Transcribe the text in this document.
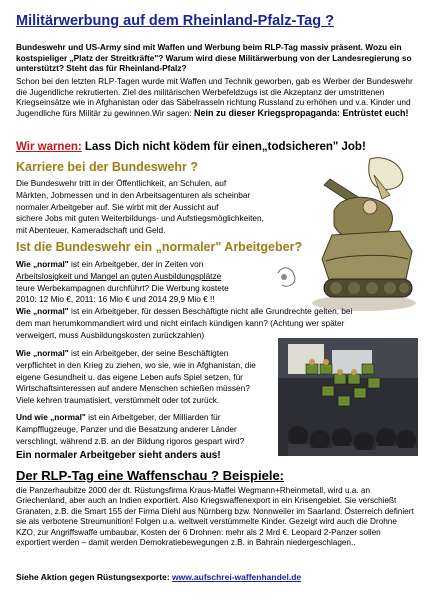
Militärwerbung auf dem Rheinland-Pfalz-Tag ?

Bundeswehr und US-Army sind mit Waffen und Werbung beim RLP-Tag massiv präsent. Wozu ein kostspieliger „Platz der Streitkräfte"? Warum wird diese Militärwerbung von der Landesregierung so unterstützt? Steht das für Rheinland-Pfalz?

Schon bei den letzten RLP-Tagen wurde mit Waffen und Technik geworben, gab es Werber der Bundeswehr die Jugendliche rekrutierten. Ziel des militärischen Werbefeldzugs ist die Akzeptanz der umstrittenen Kriegseinsätze wie in Afghanistan oder das Säbelrasseln richtung Russland zu erhöhen und v.a. Kinder und Jugendliche fürs Militär zu gewinnen.Wir sagen: Nein zu dieser Kriegspropaganda: Entrüstet euch!

Wir warnen: Lass Dich nicht ködem für einen„todsicheren" Job!
Karriere bei der Bundeswehr ?

Die Bundeswehr tritt in der Öffentlichkeit, an Schulen, auf

Märkten, Jobmessen und in den Arbeitsagenturen als scheinbar

normaler Arbeitgeber auf. Sie wirbt mit der Aussicht auf

sichere Jobs mit guten Weiterbildungs- und Aufstiegsmöglichkeiten,

mit Abenteuer, Kameradschaft und Geld.

Ist die Bundeswehr ein „normaler" Arbeitgeber?

Wie „normal" ist ein Arbeitgeber, der in Zeiten von

Arbeitslosigkeit und Mangel an guten Ausbildungsplätze

teure Werbekampagnen durchführt? Die Werbung kostete

2010: 12 Mio €, 2011: 16 Mio € und 2014 29,9 Mio € !!

Wie „normal" ist ein Arbeitgeber, für dessen Beschäftigte nicht alle Grundrechte gelten, bei

dem man herumkommandiert wird und nicht einfach kündigen kann? (Achtung wer später

verweigert, muss Ausbildungskosten zurückzahlen)

Wie „normal" ist ein Arbeitgeber, der seine Beschäftigten

verpflichtet in den Krieg zu ziehen, wo sie, wie in Afghanistan, die

eigene Gesundheit u. das eigene Leben aufs Spiel setzen, für

Wirtschaftsinteressen auf andere Menschen schießen müssen?

Viele kehren traumatisiert, verstümmelt oder tot zurück.

Und wie „normal" ist ein Arbeitgeber, der Milliarden für

Kampfflugzeuge, Panzer und die Besatzung anderer Länder

verschlingt, während z.B. an der Bildung rigoros gespart wird?

Ein normaler Arbeitgeber sieht anders aus!

Der RLP-Tag eine Waffenschau ? Beispiele:

die Panzerhaubitze 2000 der dt. Rüstungsfirma Kraus-Maffei Wegmann+Rheinmetall, wird u.a. an Griechenland, aber auch an Indien exportiert. Also Kriegswaffenexport in ein Krisengebiet. Sie verschießt Granaten, z.B. die Smart 155 der Firma Diehl aus Nürnberg bzw. Nonnweiler im Saarland. Österreich definiert sie als verbotene Streumunition! Folgen u.a. weltweit verstümmelte Kinder. Gezeigt wird auch die Drohne KZO, zur Angriffswaffe umbaubar, Kosten der 6 Drohnen: mehr als 2 Mrd €. Leopard 2-Panzer sollen exportiert werden – damit werden Demokratiebewegungen z.B. in Bahrain niedergeschlagen..

Siehe Aktion gegen Rüstungsexporte: www.aufschrei-waffenhandel.de
